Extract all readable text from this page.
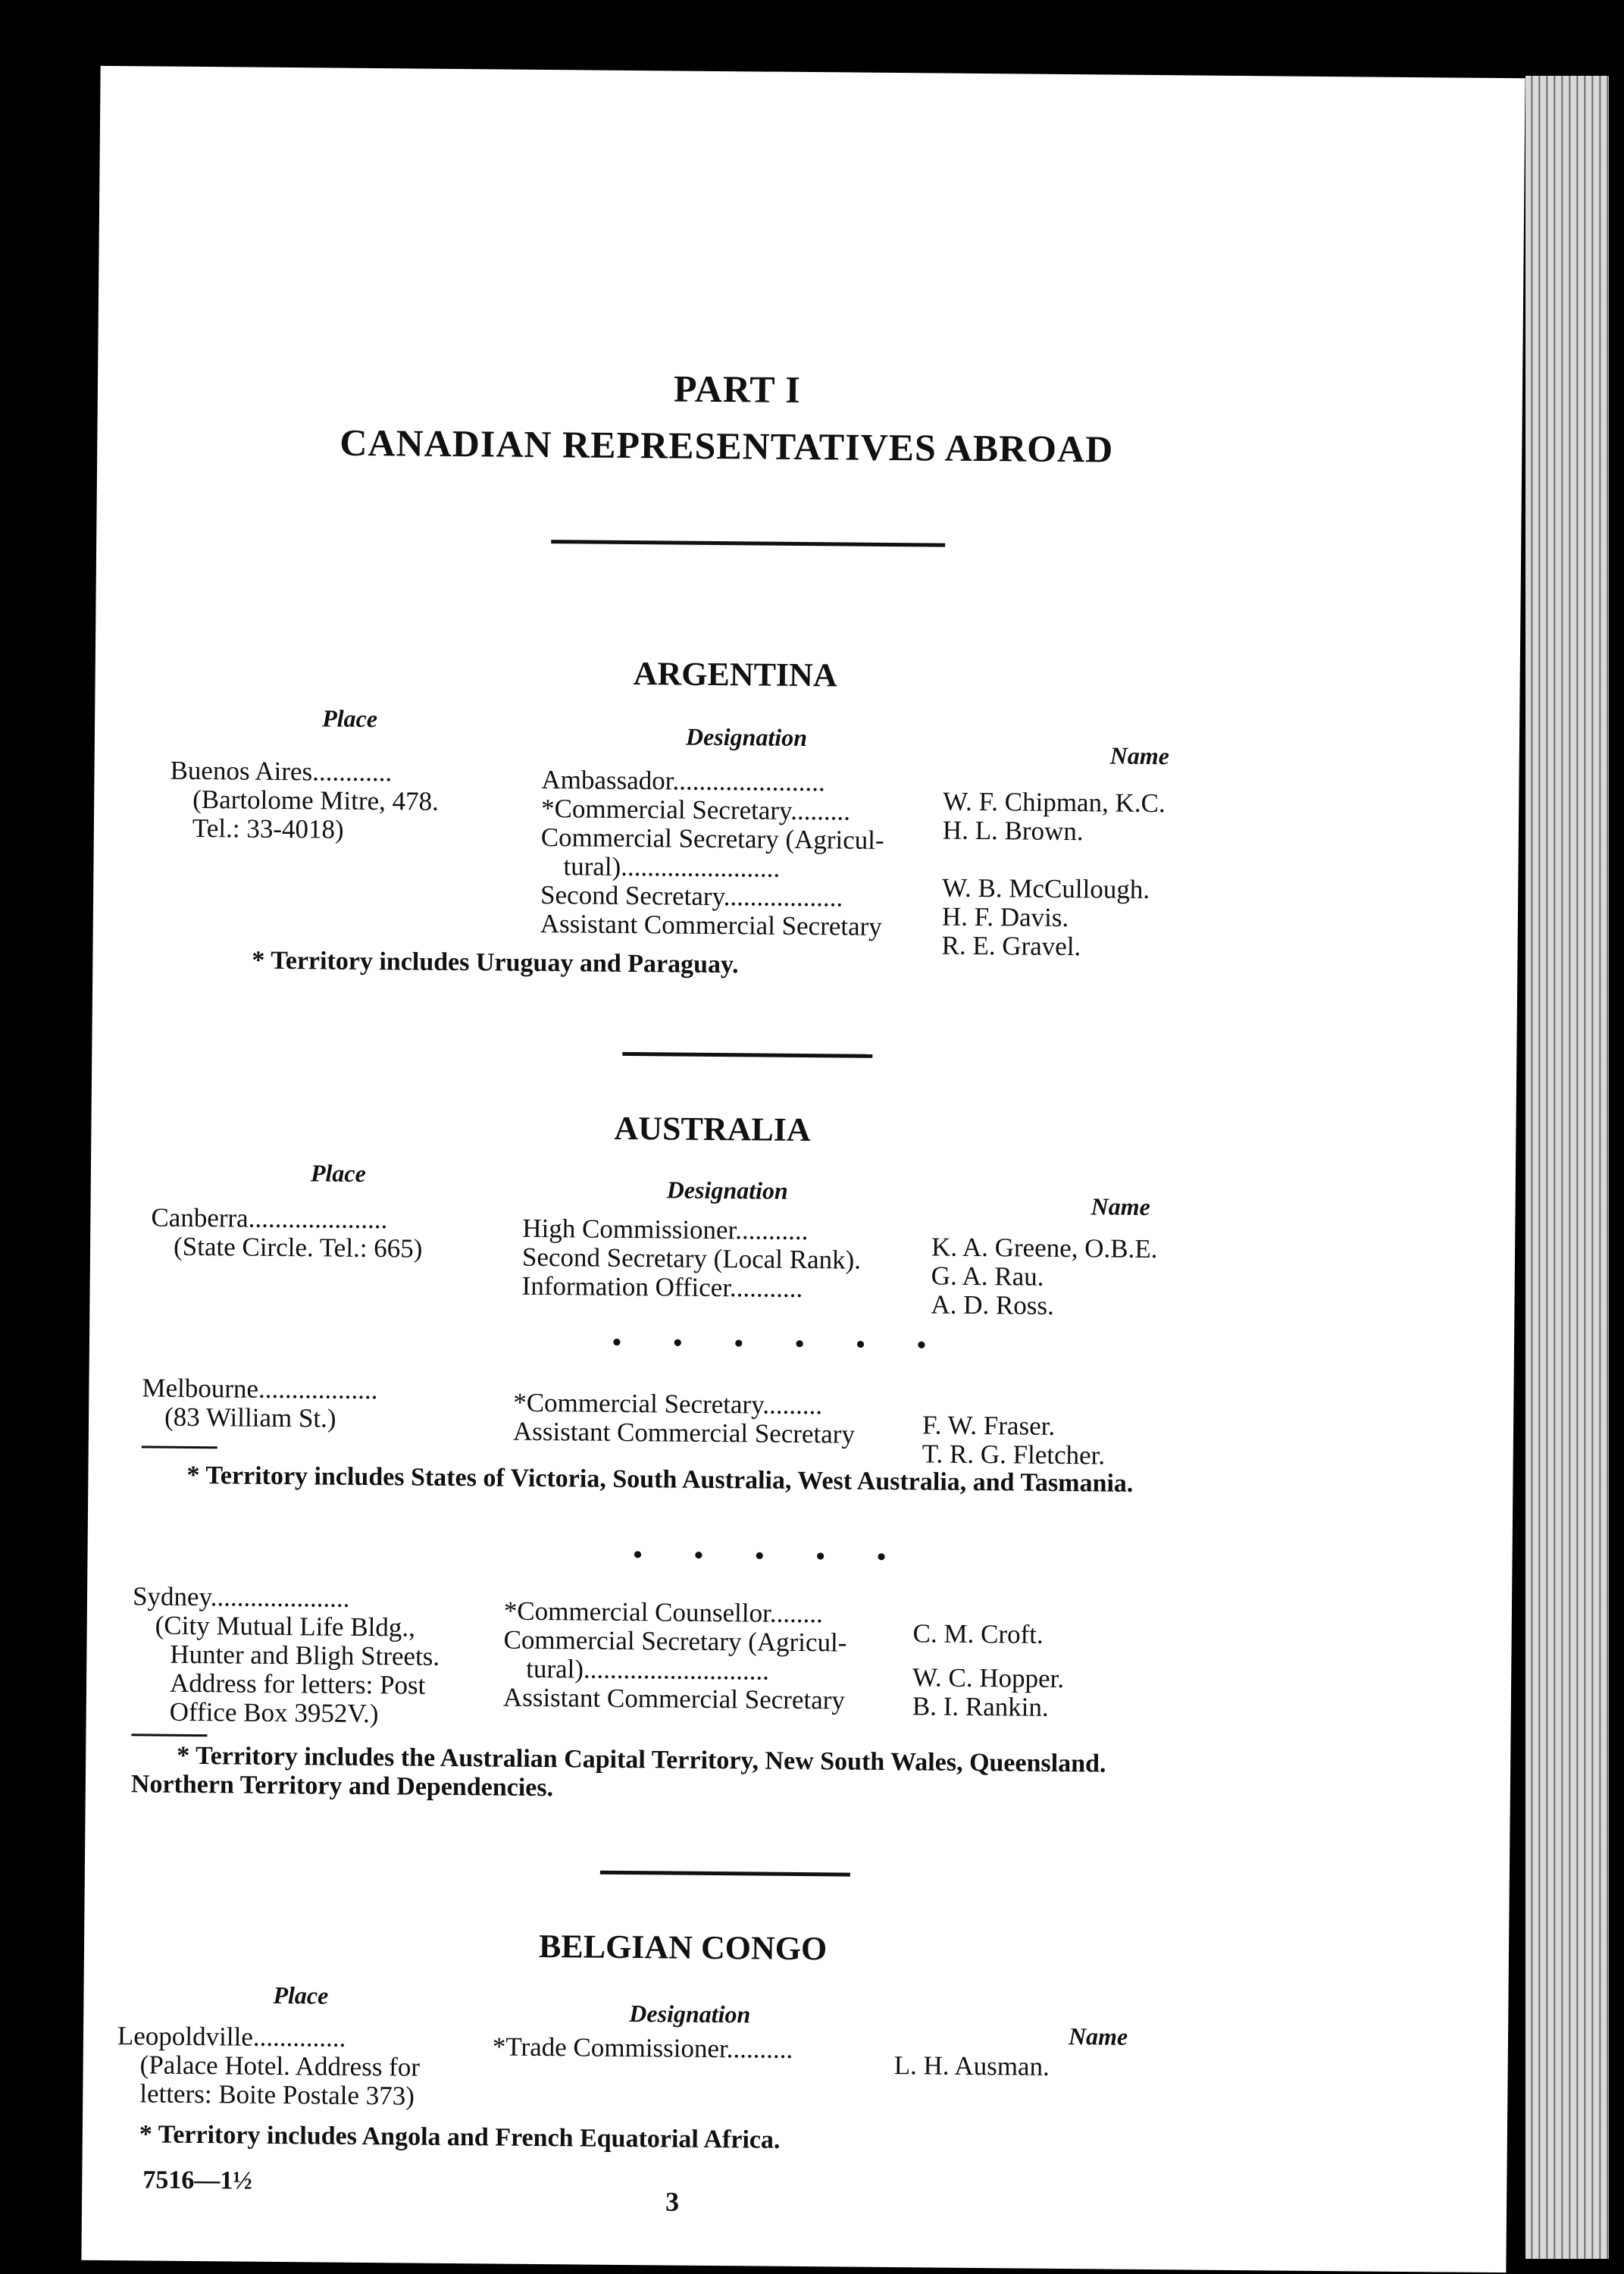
PART I
CANADIAN REPRESENTATIVES ABROAD
ARGENTINA
Place
Designation
Name
Buenos Aires............
(Bartolome Mitre, 478.
Tel.: 33-4018)
Ambassador.......................
*Commercial Secretary.........
Commercial Secretary (Agricul-
tural)........................
Second Secretary..................
Assistant Commercial Secretary
W. F. Chipman, K.C.
H. L. Brown.
W. B. McCullough.
H. F. Davis.
R. E. Gravel.
* Territory includes Uruguay and Paraguay.
AUSTRALIA
Place
Designation
Name
Canberra.....................
(State Circle. Tel.: 665)
High Commissioner...........
Second Secretary (Local Rank).
Information Officer...........
K. A. Greene, O.B.E.
G. A. Rau.
A. D. Ross.
• • • • • •
Melbourne..................
(83 William St.)	*Commercial Secretary.........
Assistant Commercial Secretary	F. W. Fraser.
T. R. G. Fletcher.
* Territory includes States of Victoria, South Australia, West Australia, and Tasmania.
• • • • •
Sydney.....................
(City Mutual Life Bldg.,
Hunter and Bligh Streets.
Address for letters: Post
Office Box 3952V.)
*Commercial Counsellor........
Commercial Secretary (Agricul-
tural)............................
Assistant Commercial Secretary
C. M. Croft.
W. C. Hopper.
B. I. Rankin.
* Territory includes the Australian Capital Territory, New South Wales, Queensland.
Northern Territory and Dependencies.
BELGIAN CONGO
Place
Designation
Name
Leopoldville..............
(Palace Hotel. Address for
letters: Boite Postale 373)
*Trade Commissioner..........
L. H. Ausman.
* Territory includes Angola and French Equatorial Africa.
7516—1½
3
